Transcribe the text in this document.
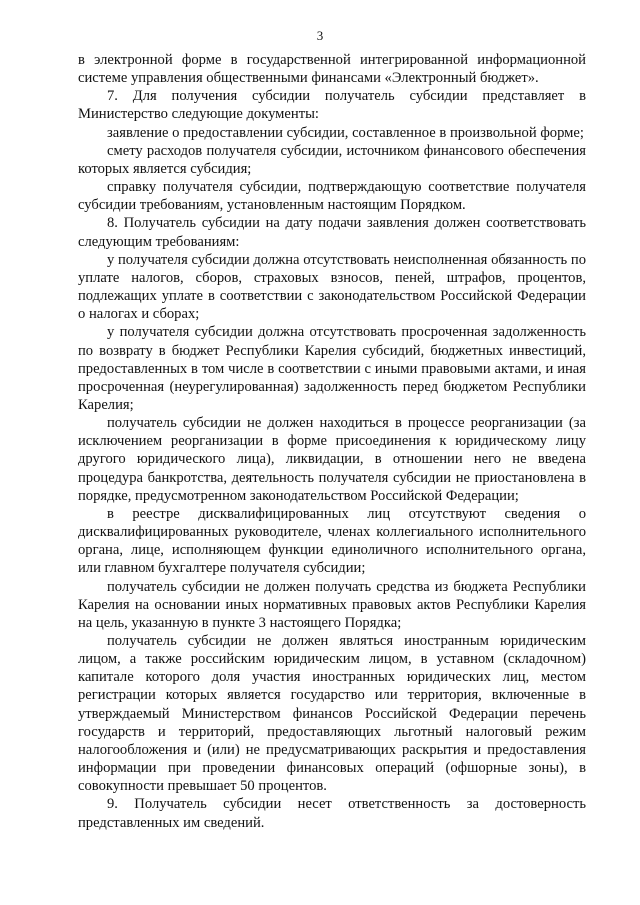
3

в электронной форме в государственной интегрированной информационной системе управления общественными финансами «Электронный бюджет».

7. Для получения субсидии получатель субсидии представляет в Министерство следующие документы:

заявление о предоставлении субсидии, составленное в произвольной форме;

смету расходов получателя субсидии, источником финансового обеспечения которых является субсидия;

справку получателя субсидии, подтверждающую соответствие получателя субсидии требованиям, установленным настоящим Порядком.

8. Получатель субсидии на дату подачи заявления должен соответствовать следующим требованиям:

у получателя субсидии должна отсутствовать неисполненная обязанность по уплате налогов, сборов, страховых взносов, пеней, штрафов, процентов, подлежащих уплате в соответствии с законодательством Российской Федерации о налогах и сборах;

у получателя субсидии должна отсутствовать просроченная задолженность по возврату в бюджет Республики Карелия субсидий, бюджетных инвестиций, предоставленных в том числе в соответствии с иными правовыми актами, и иная просроченная (неурегулированная) задолженность перед бюджетом Республики Карелия;

получатель субсидии не должен находиться в процессе реорганизации (за исключением реорганизации в форме присоединения к юридическому лицу другого юридического лица), ликвидации, в отношении него не введена процедура банкротства, деятельность получателя субсидии не приостановлена в порядке, предусмотренном законодательством Российской Федерации;

в реестре дисквалифицированных лиц отсутствуют сведения о дисквалифицированных руководителе, членах коллегиального исполнительного органа, лице, исполняющем функции единоличного исполнительного органа, или главном бухгалтере получателя субсидии;

получатель субсидии не должен получать средства из бюджета Республики Карелия на основании иных нормативных правовых актов Республики Карелия на цель, указанную в пункте 3 настоящего Порядка;

получатель субсидии не должен являться иностранным юридическим лицом, а также российским юридическим лицом, в уставном (складочном) капитале которого доля участия иностранных юридических лиц, местом регистрации которых является государство или территория, включенные в утверждаемый Министерством финансов Российской Федерации перечень государств и территорий, предоставляющих льготный налоговый режим налогообложения и (или) не предусматривающих раскрытия и предоставления информации при проведении финансовых операций (офшорные зоны), в совокупности превышает 50 процентов.

9. Получатель субсидии несет ответственность за достоверность представленных им сведений.
